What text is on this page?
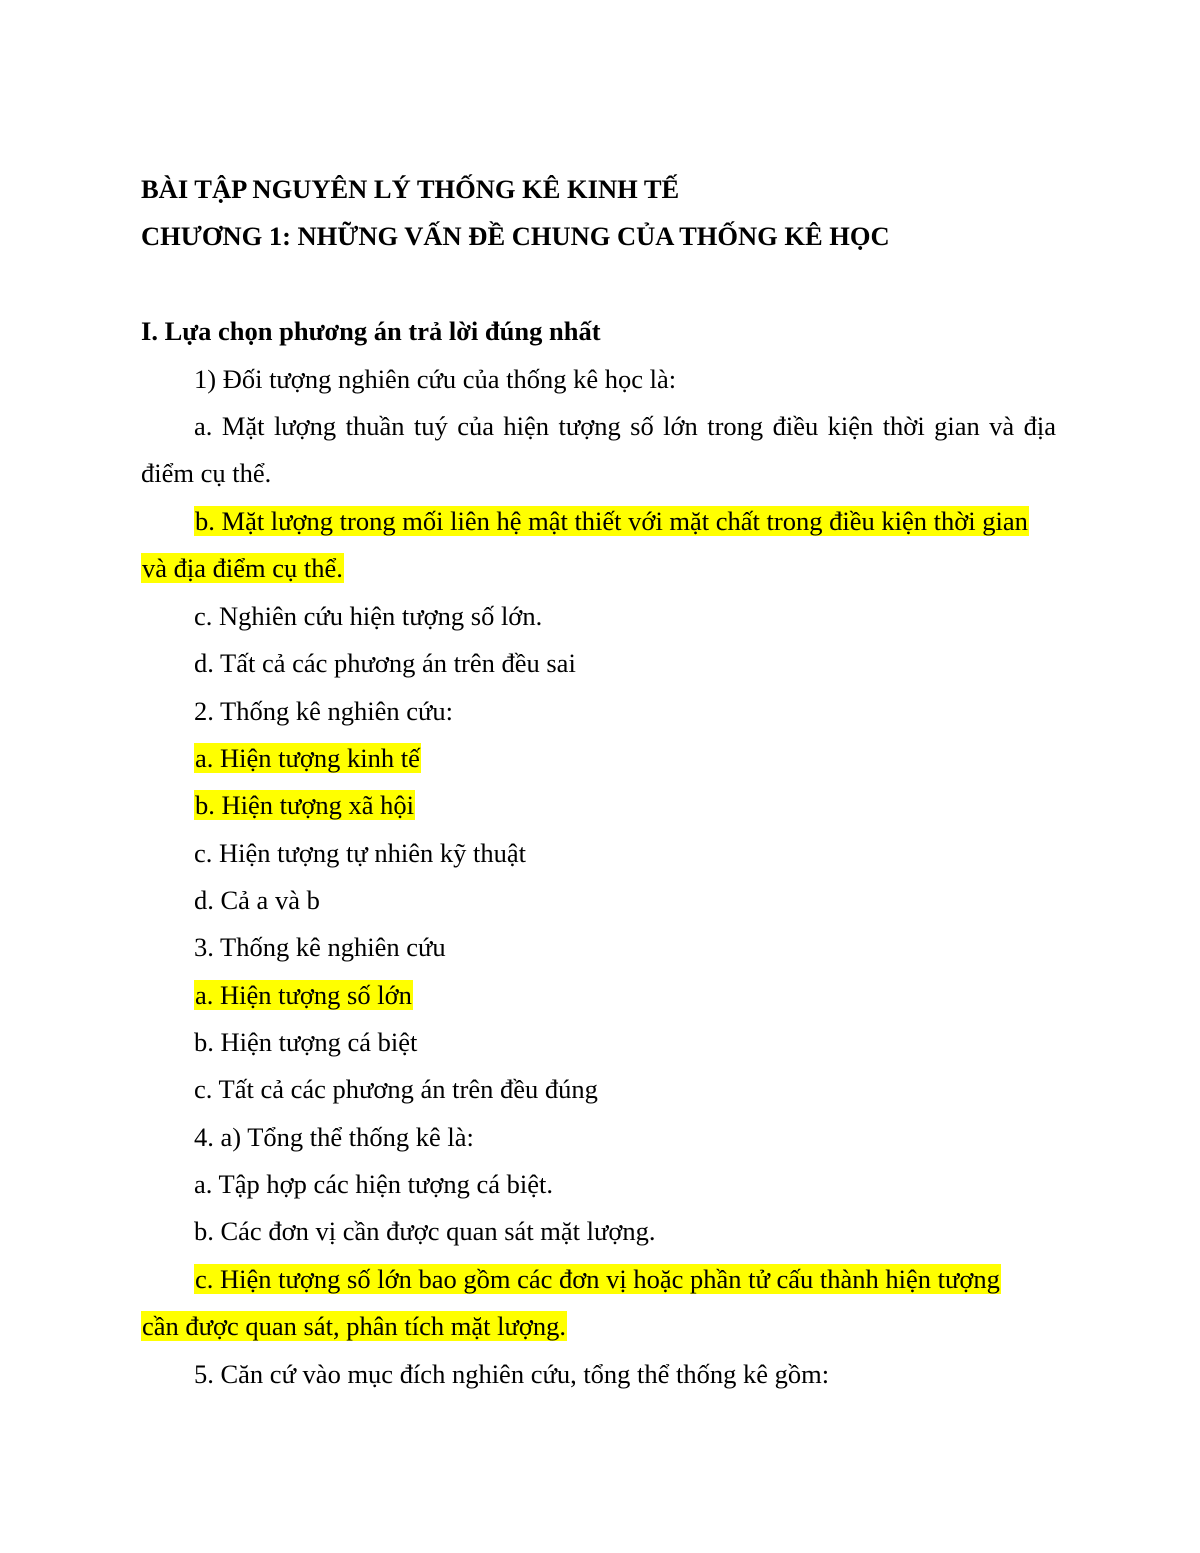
BÀI TẬP NGUYÊN LÝ THỐNG KÊ KINH TẾ
CHƯƠNG 1: NHỮNG VẤN ĐỀ CHUNG CỦA THỐNG KÊ HỌC
I. Lựa chọn phương án trả lời đúng nhất
1) Đối tượng nghiên cứu của thống kê học là:
a. Mặt lượng thuần tuý của hiện tượng số lớn trong điều kiện thời gian và địa
điểm cụ thể.
b. Mặt lượng trong mối liên hệ mật thiết với mặt chất trong điều kiện thời gian
và địa điểm cụ thể.
c. Nghiên cứu hiện tượng số lớn.
d. Tất cả các phương án trên đều sai
2. Thống kê nghiên cứu:
a. Hiện tượng kinh tế
b. Hiện tượng xã hội
c. Hiện tượng tự nhiên kỹ thuật
d. Cả a và b
3. Thống kê nghiên cứu
a. Hiện tượng số lớn
b. Hiện tượng cá biệt
c. Tất cả các phương án trên đều đúng
4. a) Tổng thể thống kê là:
a. Tập hợp các hiện tượng cá biệt.
b. Các đơn vị cần được quan sát mặt lượng.
c. Hiện tượng số lớn bao gồm các đơn vị hoặc phần tử cấu thành hiện tượng
cần được quan sát, phân tích mặt lượng.
5. Căn cứ vào mục đích nghiên cứu, tổng thể thống kê gồm:
